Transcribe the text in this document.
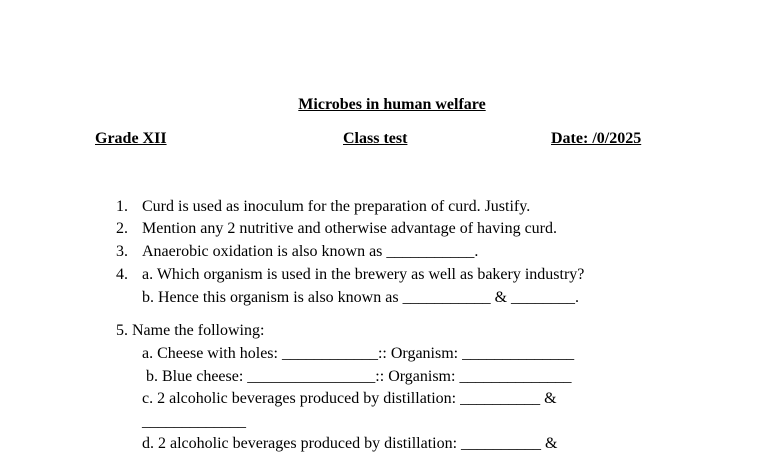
Microbes in human welfare
Grade XII	Class test	Date: /0/2025
1. Curd is used as inoculum for the preparation of curd. Justify.
2. Mention any 2 nutritive and otherwise advantage of having curd.
3. Anaerobic oxidation is also known as ___________.
4. a. Which organism is used in the brewery as well as bakery industry?
b. Hence this organism is also known as ___________ & ________.
5. Name the following:
a. Cheese with holes: ____________:: Organism: ______________
b. Blue cheese: ________________:: Organism: ______________
c. 2 alcoholic beverages produced by distillation: __________ &
_____________
d. 2 alcoholic beverages produced by distillation: __________ &
